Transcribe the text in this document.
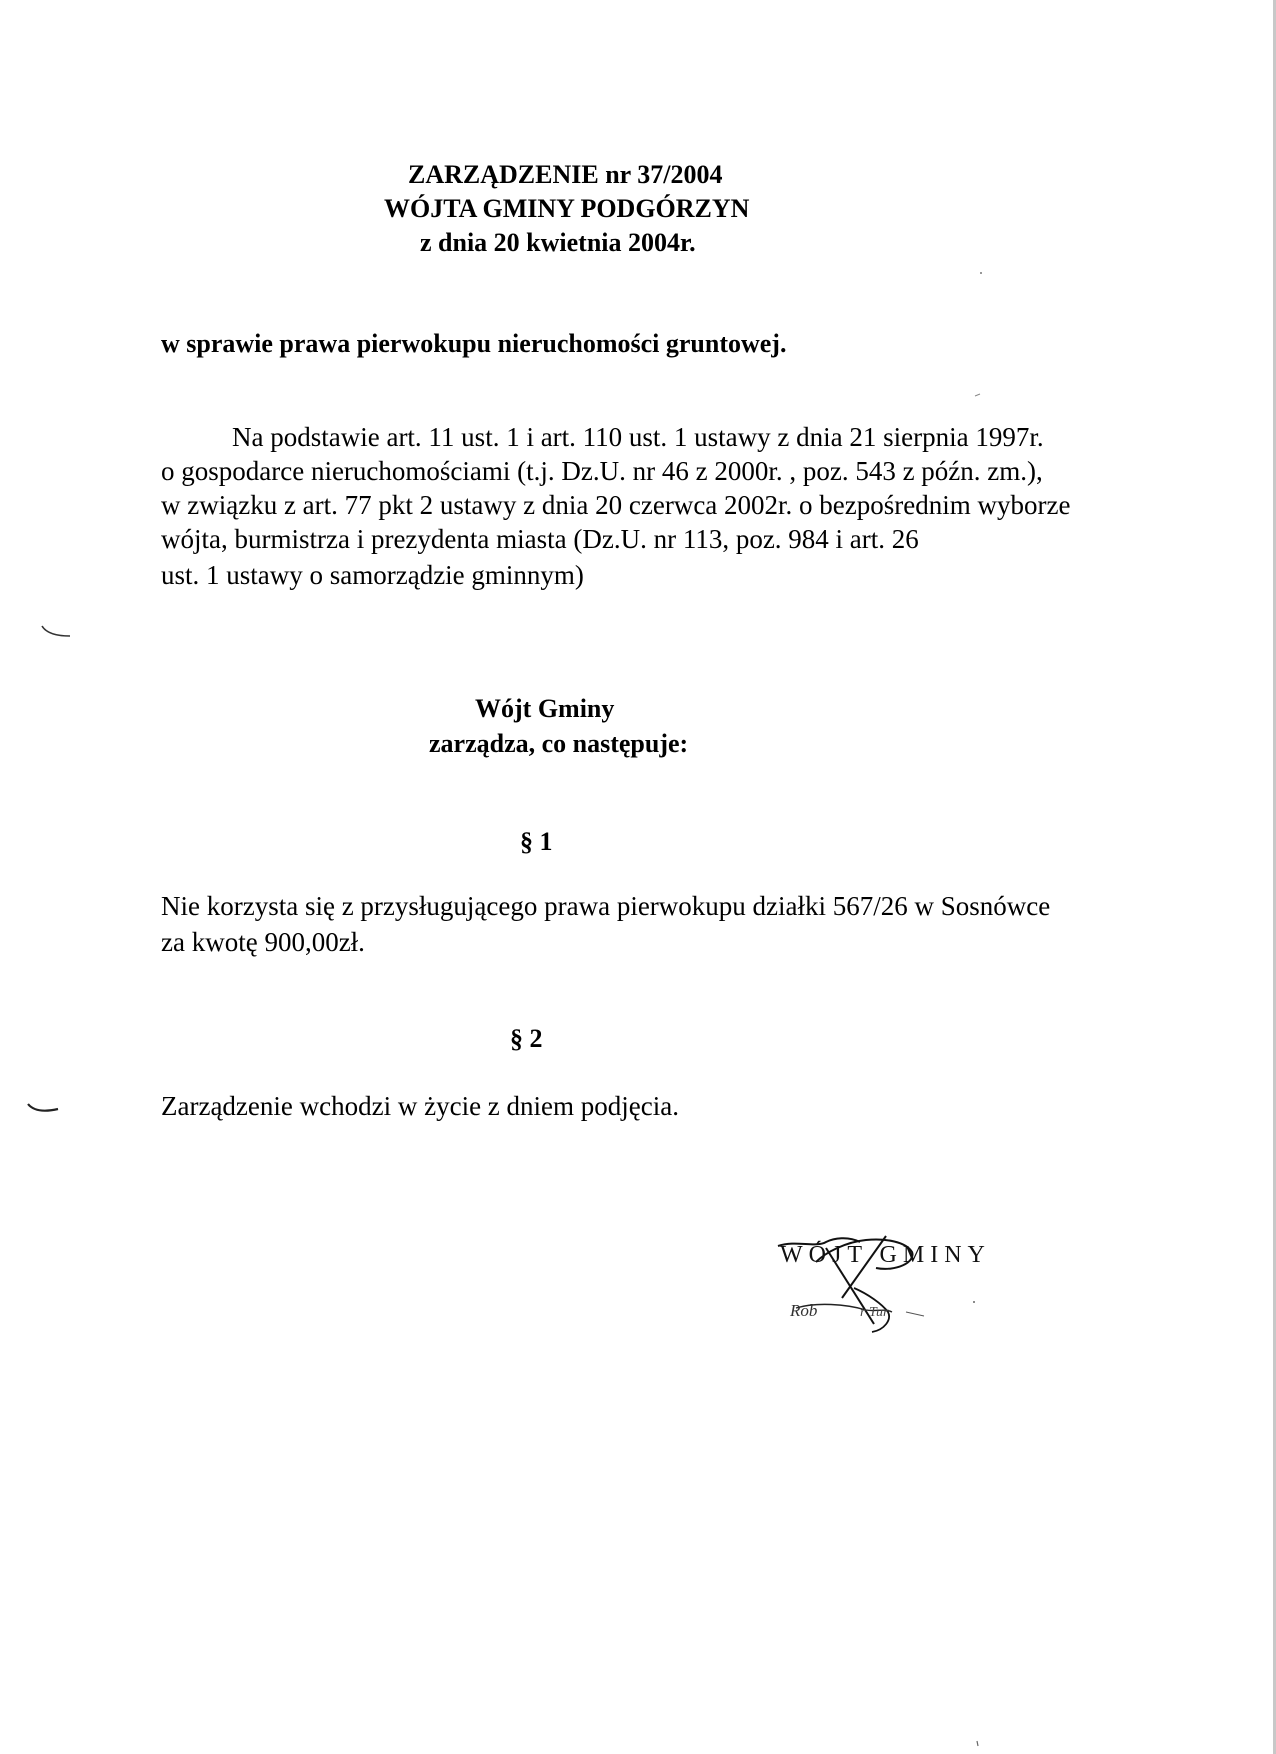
ZARZĄDZENIE nr 37/2004
WÓJTA GMINY PODGÓRZYN
z dnia 20 kwietnia 2004r.
w sprawie prawa pierwokupu nieruchomości gruntowej.
Na podstawie art. 11 ust. 1 i art. 110 ust. 1 ustawy z dnia 21 sierpnia 1997r.
o gospodarce nieruchomościami (t.j. Dz.U. nr 46 z 2000r. , poz. 543 z późn. zm.),
w związku z art. 77 pkt 2 ustawy z dnia 20 czerwca 2002r. o bezpośrednim wyborze
wójta, burmistrza i prezydenta miasta (Dz.U. nr 113, poz. 984 i art. 26
ust. 1 ustawy o samorządzie gminnym)
Wójt Gminy
zarządza, co następuje:
§ 1
Nie korzysta się z przysługującego prawa pierwokupu działki 567/26 w Sosnówce
za kwotę 900,00zł.
§ 2
Zarządzenie wchodzi w życie z dniem podjęcia.
WÓJT GMINY
Rob	r Tur
